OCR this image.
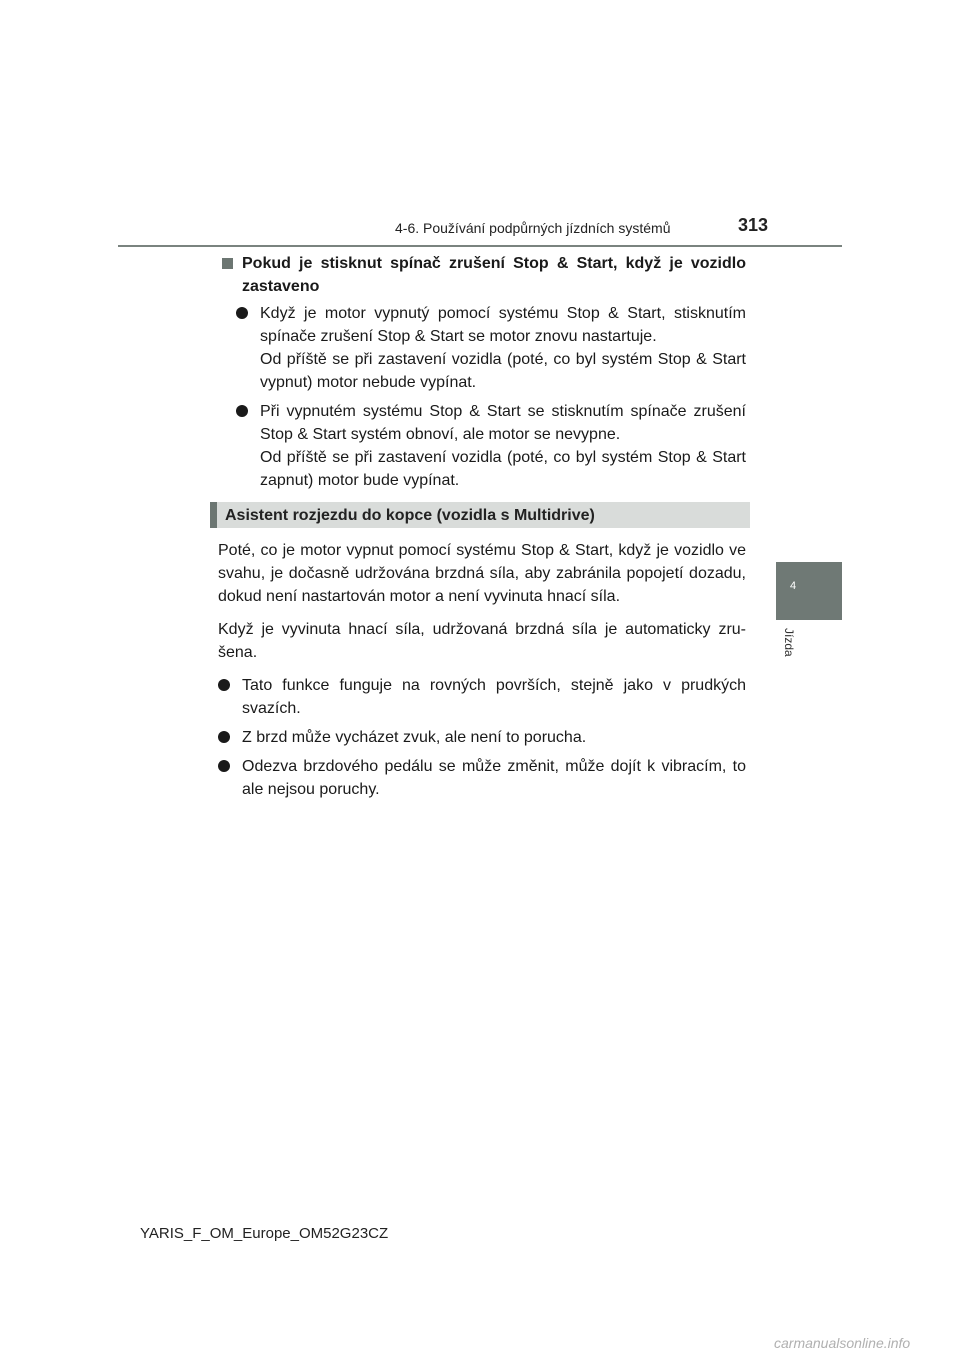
4-6. Používání podpůrných jízdních systémů	313
4
Jízda
Pokud je stisknut spínač zrušení Stop & Start, když je vozidlo zastaveno

Když je motor vypnutý pomocí systému Stop & Start, stisknutím spínače zrušení Stop & Start se motor znovu nastartuje.

Od příště se při zastavení vozidla (poté, co byl systém Stop & Start vypnut) motor nebude vypínat.

Při vypnutém systému Stop & Start se stisknutím spínače zrušení Stop & Start systém obnoví, ale motor se nevypne.

Od příště se při zastavení vozidla (poté, co byl systém Stop & Start zapnut) motor bude vypínat.

Asistent rozjezdu do kopce (vozidla s Multidrive)

Poté, co je motor vypnut pomocí systému Stop & Start, když je vozidlo ve svahu, je dočasně udržována brzdná síla, aby zabránila popojetí dozadu, dokud není nastartován motor a není vyvinuta hnací síla.

Když je vyvinuta hnací síla, udržovaná brzdná síla je automaticky zru-šena.

Tato funkce funguje na rovných površích, stejně jako v prudkých svazích.

Z brzd může vycházet zvuk, ale není to porucha.

Odezva brzdového pedálu se může změnit, může dojít k vibracím, to ale nejsou poruchy.

YARIS_F_OM_Europe_OM52G23CZ
carmanualsonline.info
